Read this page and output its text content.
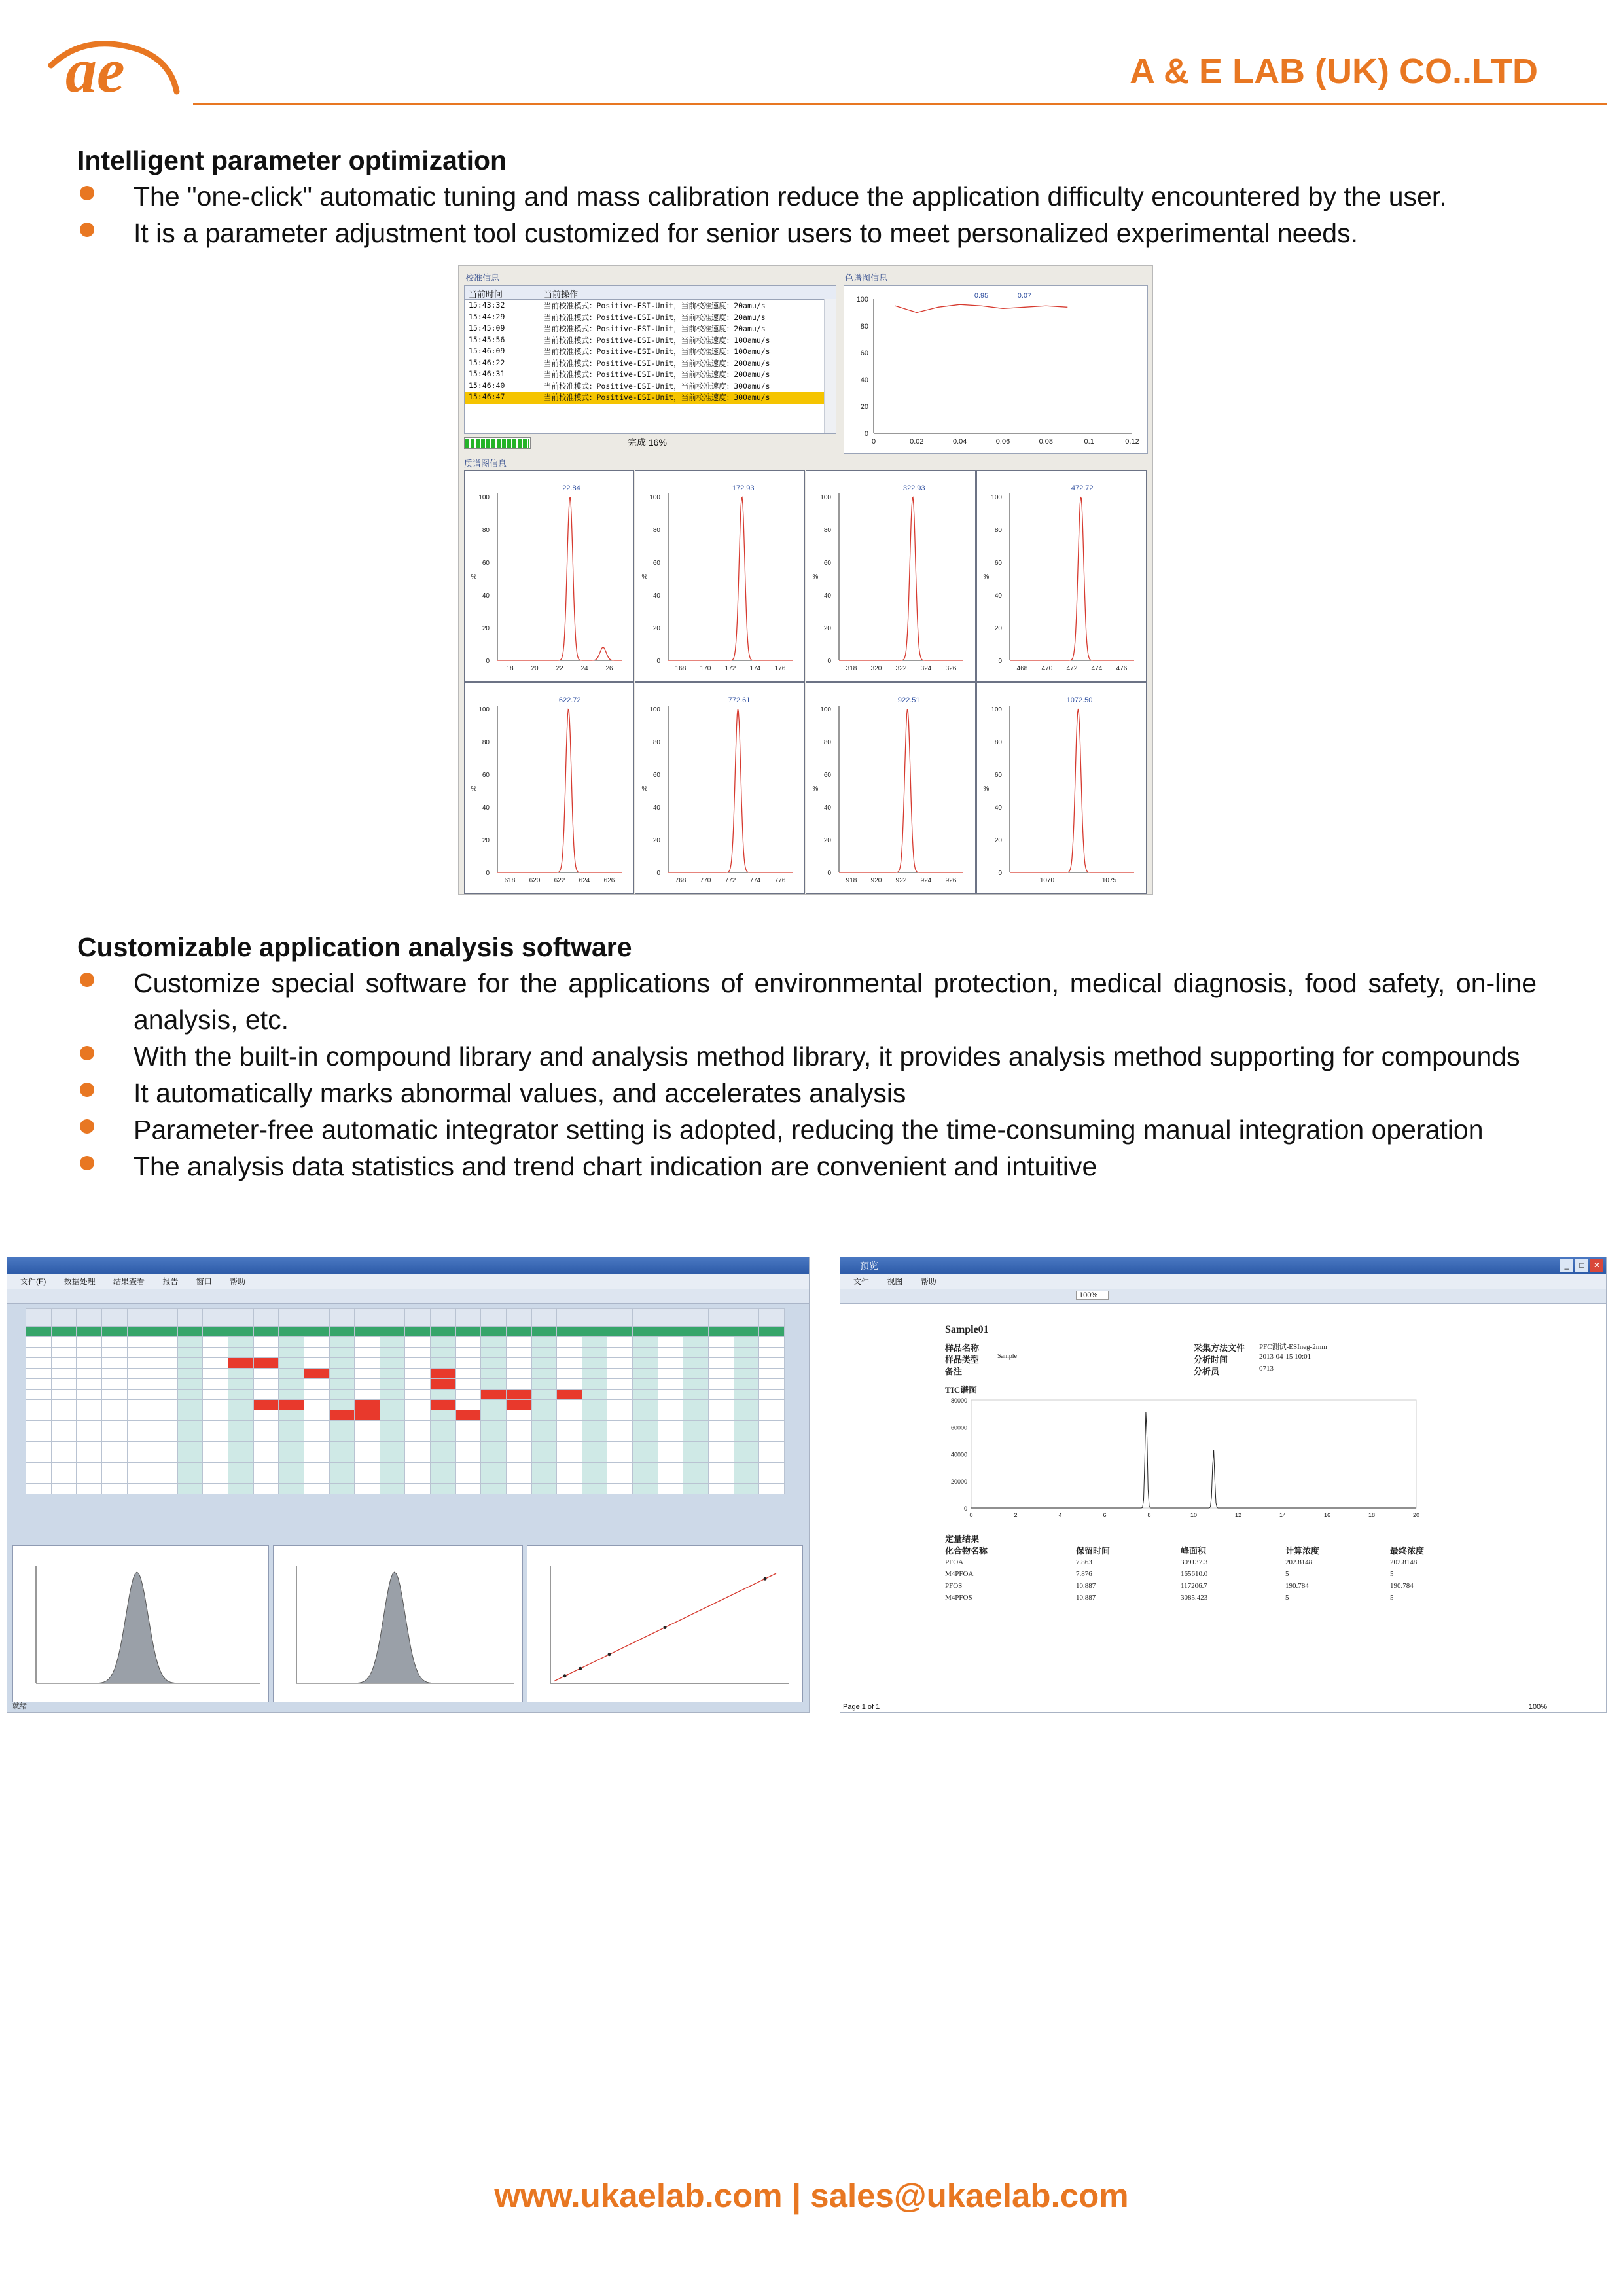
ae	A & E LAB (UK) CO..LTD
Intelligent parameter optimization
The "one-click" automatic tuning and mass calibration reduce the application difficulty encountered by the user.
It is a parameter adjustment tool customized for senior users to meet personalized experimental needs.
校准信息	色谱图信息
当前时间	当前操作
15:43:32	当前校准模式：Positive-ESI-Unit，当前校准速度：20amu/s
15:44:29	当前校准模式：Positive-ESI-Unit，当前校准速度：20amu/s
15:45:09	当前校准模式：Positive-ESI-Unit，当前校准速度：20amu/s
15:45:56	当前校准模式：Positive-ESI-Unit，当前校准速度：100amu/s
15:46:09	当前校准模式：Positive-ESI-Unit，当前校准速度：100amu/s
15:46:22	当前校准模式：Positive-ESI-Unit，当前校准速度：200amu/s
15:46:31	当前校准模式：Positive-ESI-Unit，当前校准速度：200amu/s
15:46:40	当前校准模式：Positive-ESI-Unit，当前校准速度：300amu/s
15:46:47	当前校准模式：Positive-ESI-Unit，当前校准速度：300amu/s
完成 16%
0
20
40
60
80
100
0	0.02	0.04	0.06	0.08	0.1	0.12
0.95	0.07
质谱图信息
0
20
40
60
80
100
%
18	20	22	24	26
22.84
0
20
40
60
80
100
%
168 170 172 174 176
172.93
0
20
40
60
80
100
%
318 320 322 324 326
322.93
0
20
40
60
80
100
%
468 470 472 474 476
472.72
0
20
40
60
80
100
%
618 620 622 624 626
622.72
0
20
40
60
80
100
%
768 770 772 774 776
772.61
0
20
40
60
80
100
%
918 920 922 924 926
922.51
0
20
40
60
80
100
%
1070	1075
1072.50
Customizable application analysis software
Customize special software for the applications of environmental protection, medical diagnosis, food safety, on-line analysis, etc.
With the built-in compound library and analysis method library, it provides analysis method supporting for compounds
It automatically marks abnormal values, and accelerates analysis
Parameter-free automatic integrator setting is adopted, reducing the time-consuming manual integration operation
The analysis data statistics and trend chart indication are convenient and intuitive
文件(F) 数据处理 结果查看 报告 窗口 帮助

就绪
预览	_	□	✕
文件 视图 帮助
100%
Sample01
样品名称
样品类型
备注
Sample
采集方法文件
分析时间
分析员
PFC测试-ESIneg-2mm
2013-04-15 10:01
0713
TIC谱图
0
20000
40000
60000
80000
0	2	4	6	8	10	12	14	16	18	20
定量结果
化合物名称	保留时间	峰面积	计算浓度	最终浓度
PFOA	7.863	309137.3	202.8148	202.8148
M4PFOA	7.876	165610.0	5	5
PFOS	10.887	117206.7	190.784	190.784
M4PFOS	10.887	3085.423	5	5
Page 1 of 1	100%
www.ukaelab.com | sales@ukaelab.com
